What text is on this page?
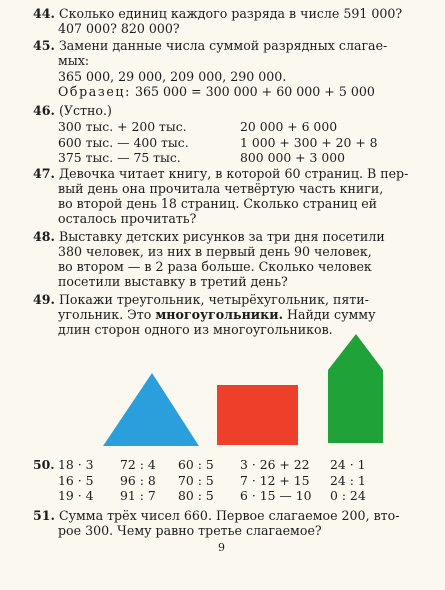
44. Сколько единиц каждого разряда в числе 591 000?
407 000? 820 000?
45. Замени данные числа суммой разрядных слагае-
мых:
365 000, 29 000, 209 000, 290 000.
Образец: 365 000 = 300 000 + 60 000 + 5 000
46. (Устно.)
300 тыс. + 200 тыс.
600 тыс. — 400 тыс.
375 тыс. — 75 тыс.
20 000 + 6 000
1 000 + 300 + 20 + 8
800 000 + 3 000
47. Девочка читает книгу, в которой 60 страниц. В пер-
вый день она прочитала четвёртую часть книги,
во второй день 18 страниц. Сколько страниц ей
осталось прочитать?
48. Выставку детских рисунков за три дня посетили
380 человек, из них в первый день 90 человек,
во втором — в 2 раза больше. Сколько человек
посетили выставку в третий день?
49. Покажи треугольник, четырёхугольник, пяти-
угольник. Это многоугольники. Найди сумму
длин сторон одного из многоугольников.
50. 18 · 3
16 · 5
19 · 4
72 : 4
96 : 8
91 : 7
60 : 5
70 : 5
80 : 5
3 · 26 + 22
7 · 12 + 15
6 · 15 — 10
24 · 1
24 : 1
0 : 24
51. Сумма трёх чисел 660. Первое слагаемое 200, вто-
рое 300. Чему равно третье слагаемое?
9
